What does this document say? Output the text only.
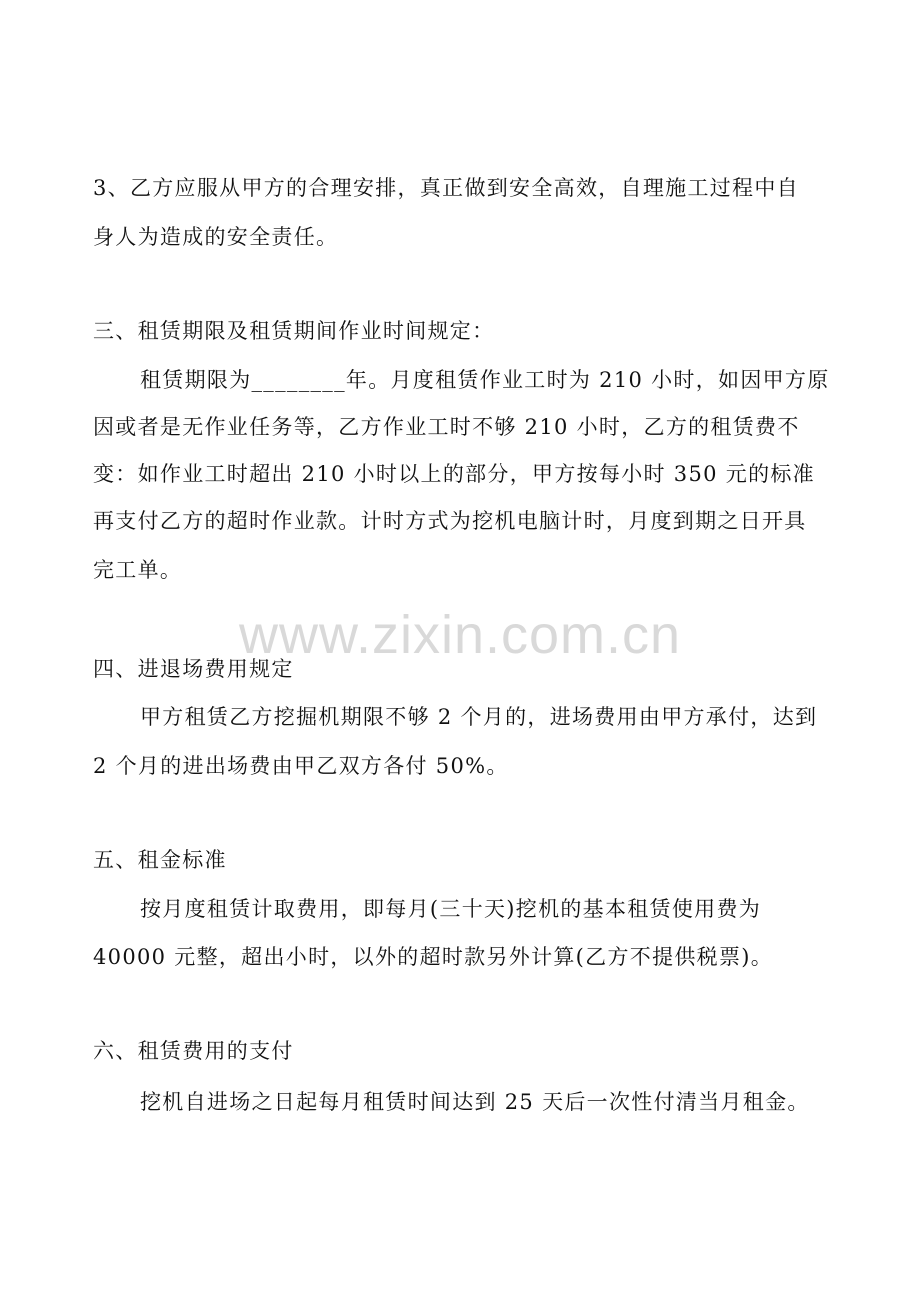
www.zixin.com.cn
3、乙方应服从甲方的合理安排，真正做到安全高效，自理施工过程中自
身人为造成的安全责任。
三、租赁期限及租赁期间作业时间规定：
租赁期限为________年。月度租赁作业工时为 210 小时，如因甲方原
因或者是无作业任务等，乙方作业工时不够 210 小时，乙方的租赁费不
变：如作业工时超出 210 小时以上的部分，甲方按每小时 350 元的标准
再支付乙方的超时作业款。计时方式为挖机电脑计时，月度到期之日开具
完工单。
四、进退场费用规定
甲方租赁乙方挖掘机期限不够 2 个月的，进场费用由甲方承付，达到
2 个月的进出场费由甲乙双方各付 50%。
五、租金标准
按月度租赁计取费用，即每月(三十天)挖机的基本租赁使用费为
40000 元整，超出小时，以外的超时款另外计算(乙方不提供税票)。
六、租赁费用的支付
挖机自进场之日起每月租赁时间达到 25 天后一次性付清当月租金。
